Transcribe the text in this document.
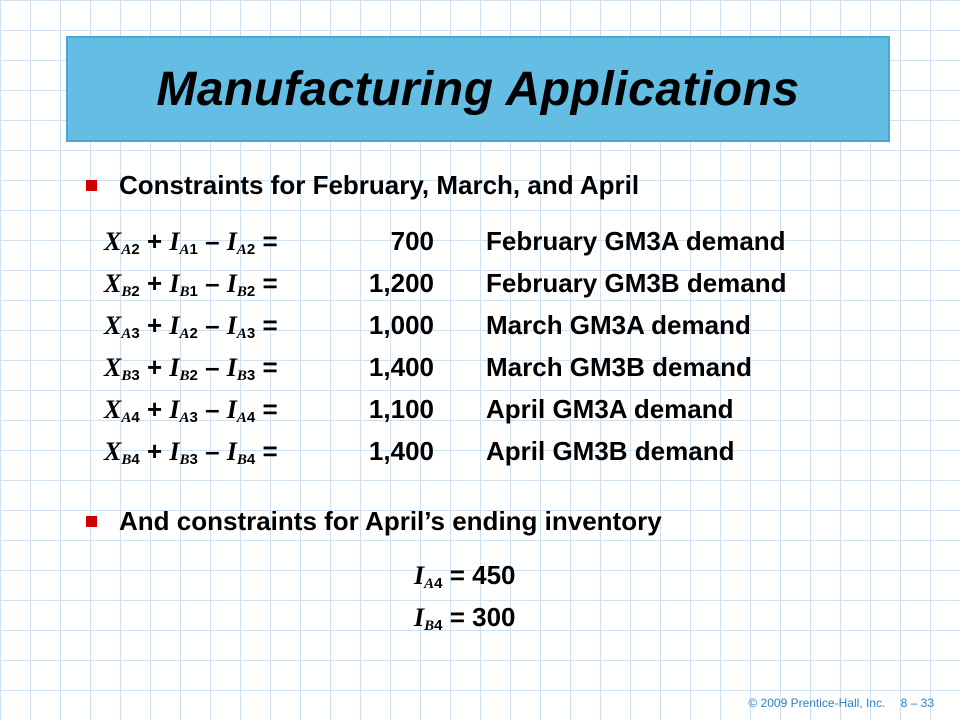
Manufacturing Applications
Constraints for February, March, and April
$X_{A2} + I_{A1} - I_{A2}$ =	700 February GM3A demand
$X_{B2} + I_{B1} - I_{B2}$ =	1,200 February GM3B demand
$X_{A3} + I_{A2} - I_{A3}$ =	1,000 March GM3A demand
$X_{B3} + I_{B2} - I_{B3}$ =	1,400 March GM3B demand
$X_{A4} + I_{A3} - I_{A4}$ =	1,100 April GM3A demand
$X_{B4} + I_{B3} - I_{B4}$ =	1,400 April GM3B demand
And constraints for April’s ending inventory
$I_{A4}$
=
450
$I_{B4}$
=
300
© 2009 Prentice-Hall, Inc. 8 – 33
